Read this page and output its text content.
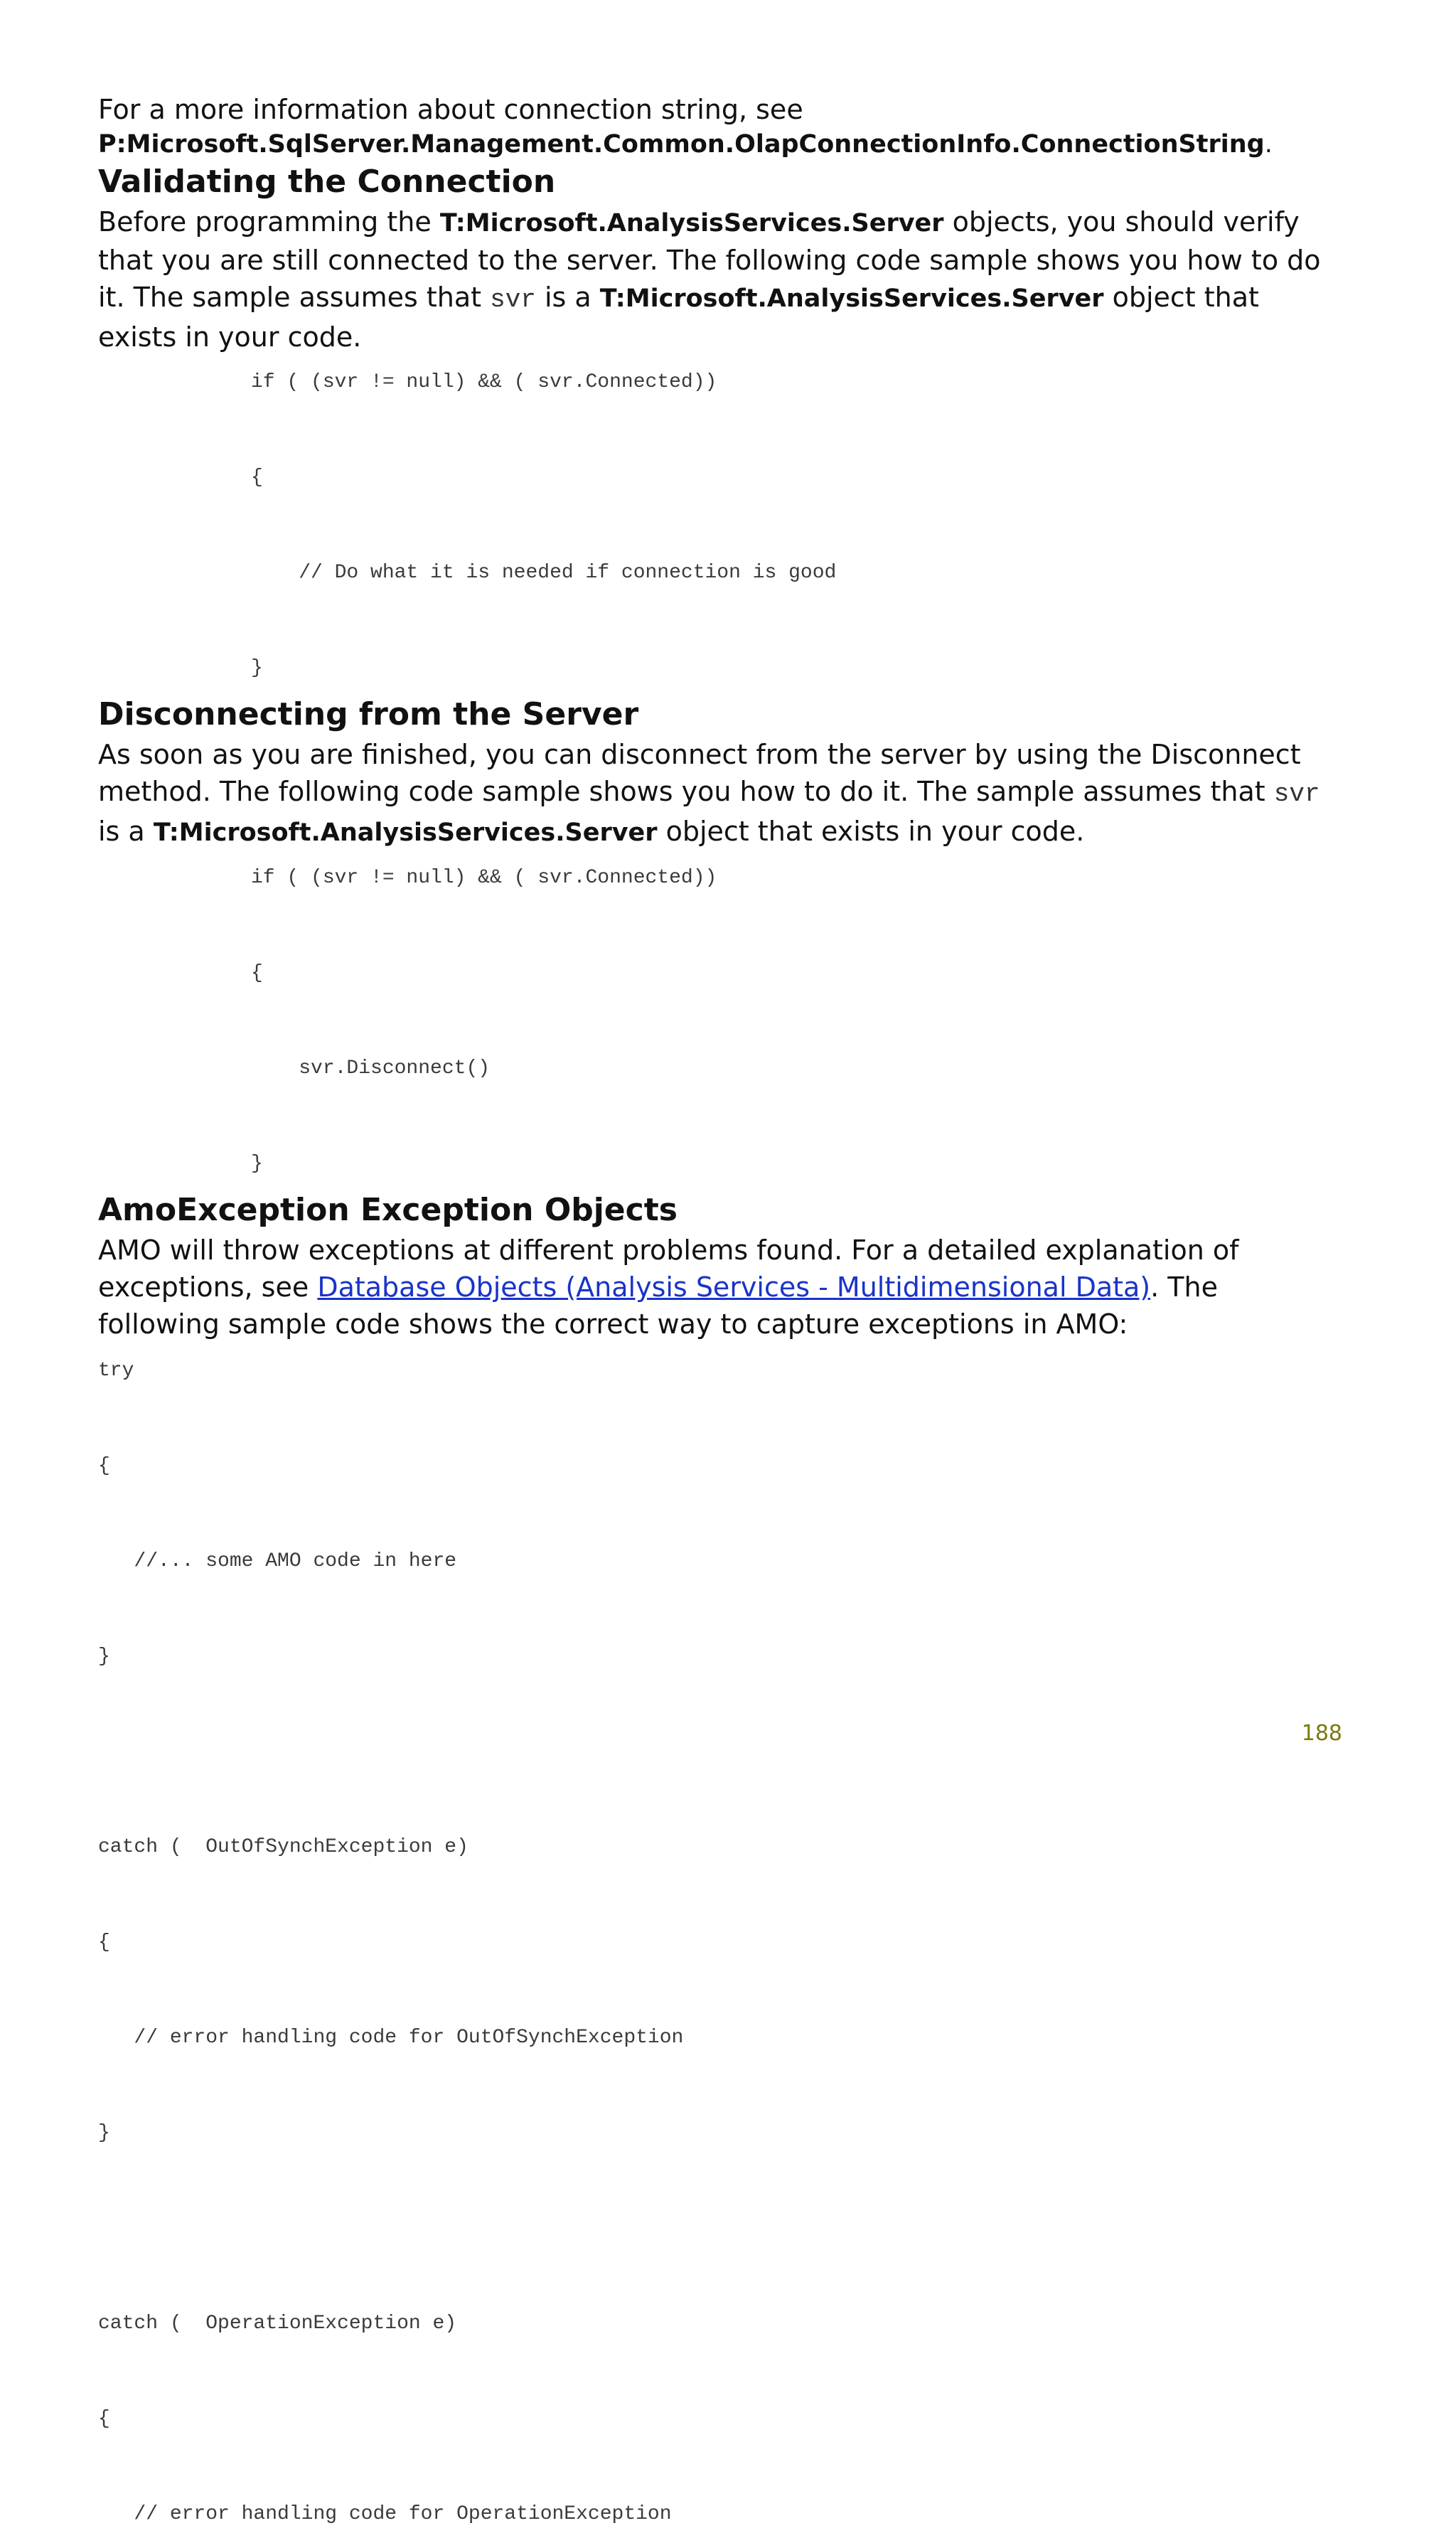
For a more information about connection string, see

P:Microsoft.SqlServer.Management.Common.OlapConnectionInfo.ConnectionString.

Validating the Connection

Before programming the T:Microsoft.AnalysisServices.Server objects, you should verify that you are still connected to the server. The following code sample shows you how to do it. The sample assumes that svr is a T:Microsoft.AnalysisServices.Server object that exists in your code.

if ( (svr != null) && ( svr.Connected))

{

// Do what it is needed if connection is good

}
Disconnecting from the Server

As soon as you are finished, you can disconnect from the server by using the Disconnect method. The following code sample shows you how to do it. The sample assumes that svr is a T:Microsoft.AnalysisServices.Server object that exists in your code.

if ( (svr != null) && ( svr.Connected))

{

svr.Disconnect()

}
AmoException Exception Objects

AMO will throw exceptions at different problems found. For a detailed explanation of exceptions, see Database Objects (Analysis Services - Multidimensional Data). The following sample code shows the correct way to capture exceptions in AMO:

try

{

//... some AMO code in here

}

catch (  OutOfSynchException e)

{

// error handling code for OutOfSynchException

}

catch (  OperationException e)

{

// error handling code for OperationException
188
